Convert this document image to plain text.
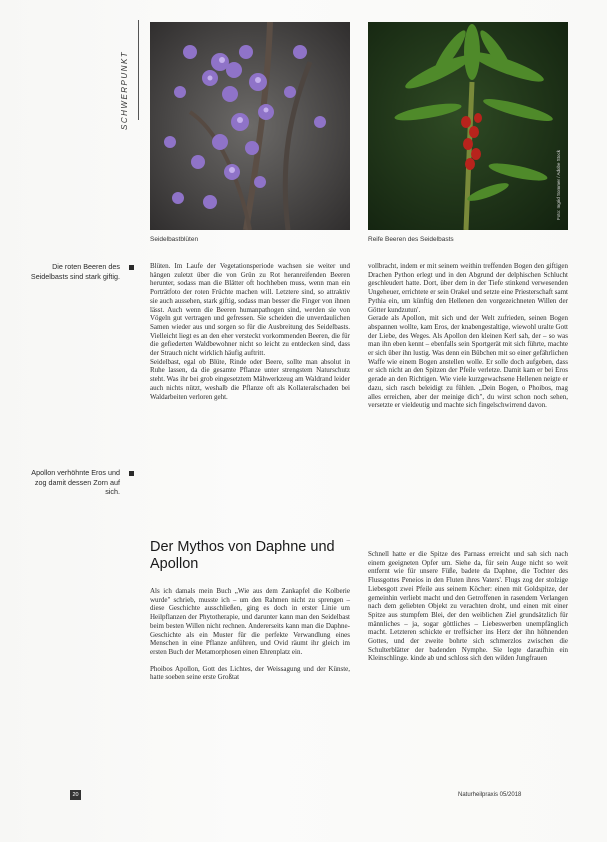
SCHWERPUNKT
Foto: Ingrid Sommer / Adobe Stock
Seidelbastblüten	Reife Beeren des Seidelbasts
Die roten Beeren des Seidelbasts sind stark giftig.
Apollon verhöhnte Eros und zog damit dessen Zorn auf sich.

Blüten. Im Laufe der Vegetationsperiode wachsen sie weiter und hängen zuletzt über die von Grün zu Rot heranreifenden Beeren herunter, sodass man die Blätter oft hochheben muss, wenn man ein Porträtfoto der roten Früchte machen will. Letztere sind, so attraktiv sie auch aussehen, stark giftig, sodass man besser die Finger von ihnen lässt. Auch wenn die Beeren humanpathogen sind, werden sie von Vögeln gut vertragen und gefressen. Sie scheiden die unverdaulichen Samen wieder aus und sorgen so für die Ausbreitung des Seidelbasts. Vielleicht liegt es an den eher versteckt vorkommenden Beeren, die für die gefiederten Waldbewohner nicht so leicht zu entdecken sind, dass der Strauch nicht wirklich häufig auftritt.

Seidelbast, egal ob Blüte, Rinde oder Beere, sollte man absolut in Ruhe lassen, da die gesamte Pflanze unter strengstem Naturschutz steht. Was ihr bei grob eingesetztem Mähwerkzeug am Waldrand leider auch nichts nützt, weshalb die Pflanze oft als Kollateralschaden bei Waldarbeiten verloren geht.

Der Mythos von Daphne und Apollon

Als ich damals mein Buch „Wie aus dem Zankapfel die Kolberie wurde" schrieb, musste ich – um den Rahmen nicht zu sprengen – diese Geschichte ausschließen, ging es doch in erster Linie um Heilpflanzen der Phytotherapie, und darunter kann man den Seidelbast beim besten Willen nicht rechnen. Andererseits kann man die Daphne-Geschichte als ein Muster für die perfekte Verwandlung eines Menschen in eine Pflanze anführen, und Ovid räumt ihr gleich im ersten Buch der Metamorphosen einen Ehrenplatz ein.

Phoibos Apollon, Gott des Lichtes, der Weissagung und der Künste, hatte soeben seine erste Großtat

vollbracht, indem er mit seinem weithin treffenden Bogen den giftigen Drachen Python erlegt und in den Abgrund der delphischen Schlucht geschleudert hatte. Dort, über dem in der Tiefe stinkend verwesenden Ungeheuer, errichtete er sein Orakel und setzte eine Priesterschaft samt Pythia ein, um künftig den Hellenen den vorgezeichneten Willen der Götter kundzutun'.

Gerade als Apollon, mit sich und der Welt zufrieden, seinen Bogen abspannen wollte, kam Eros, der knabengestaltige, wiewohl uralte Gott der Liebe, des Weges. Als Apollon den kleinen Kerl sah, der – so was man ihn eben kennt – ebenfalls sein Sportgerät mit sich führte, machte er sich über ihn lustig. Was denn ein Bübchen mit so einer gefährlichen Waffe wie einem Bogen anstellen wolle. Er solle doch aufgeben, dass er sich nicht an den Spitzen der Pfeile verletze. Damit kam er bei Eros gerade an den Richtigen. Wie viele kurzgewachsene Hellenen neigte er dazu, sich rasch beleidigt zu fühlen. „Dein Bogen, o Phoibos, mag alles erreichen, aber der meinige dich", du wirst schon noch sehen, versetzte er vieldeutig und machte sich fingelschwirrend davon.

Schnell hatte er die Spitze des Parnass erreicht und sah sich nach einem geeigneten Opfer um. Siehe da, für sein Auge nicht so weit entfernt wie für unsere Füße, badete da Daphne, die Tochter des Flussgottes Peneios in den Fluten ihres Vaters'. Flugs zog der stolzige Liebesgott zwei Pfeile aus seinem Köcher: einen mit Goldspitze, der gemeinhin verliebt macht und den Getroffenen in rasendem Verlangen nach dem geliebten Objekt zu verachten droht, und einen mit einer Spitze aus stumpfem Blei, der den weiblichen Ziel grundsätzlich für männliches – ja, sogar göttliches – Liebeswerben unempfänglich macht. Letzteren schickte er treffsicher ins Herz der ihn höhnenden Gottes, und der zweite bohrte sich schmerzlos zwischen die Schulterblätter der badenden Nymphe. Sie legte daraufhin ein Kleinschlinge. kinde ab und schloss sich den wilden Jungfrauen

20	Naturheilpraxis 05/2018
